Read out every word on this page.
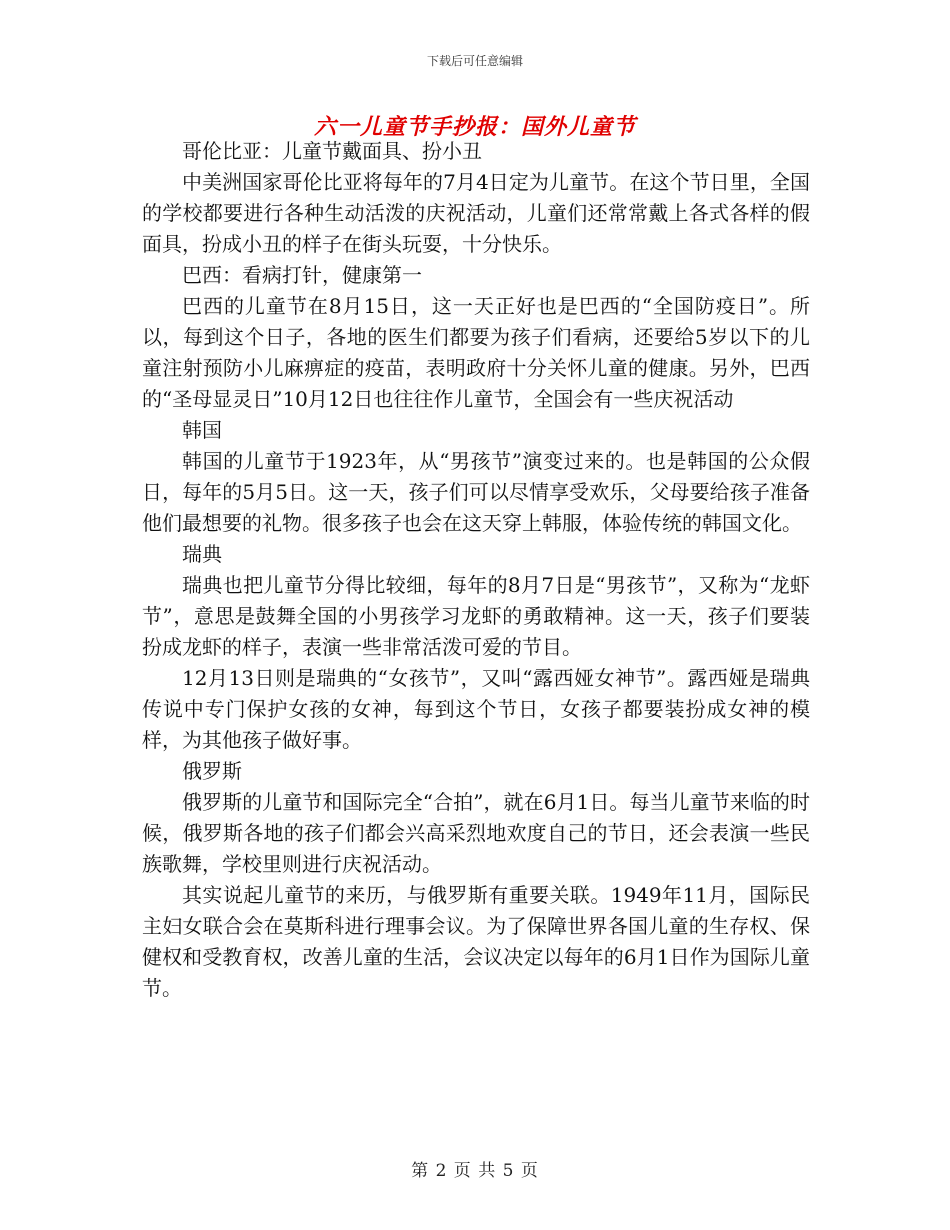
下载后可任意编辑
六一儿童节手抄报：国外儿童节

哥伦比亚：儿童节戴面具、扮小丑

中美洲国家哥伦比亚将每年的7月4日定为儿童节。在这个节日里，全国的学校都要进行各种生动活泼的庆祝活动，儿童们还常常戴上各式各样的假面具，扮成小丑的样子在街头玩耍，十分快乐。

巴西：看病打针，健康第一

巴西的儿童节在8月15日，这一天正好也是巴西的“全国防疫日”。所以，每到这个日子，各地的医生们都要为孩子们看病，还要给5岁以下的儿童注射预防小儿麻痹症的疫苗，表明政府十分关怀儿童的健康。另外，巴西的“圣母显灵日”10月12日也往往作儿童节，全国会有一些庆祝活动

韩国

韩国的儿童节于1923年，从“男孩节”演变过来的。也是韩国的公众假日，每年的5月5日。这一天，孩子们可以尽情享受欢乐，父母要给孩子准备他们最想要的礼物。很多孩子也会在这天穿上韩服，体验传统的韩国文化。

瑞典

瑞典也把儿童节分得比较细，每年的8月7日是“男孩节”，又称为“龙虾节”，意思是鼓舞全国的小男孩学习龙虾的勇敢精神。这一天，孩子们要装扮成龙虾的样子，表演一些非常活泼可爱的节目。

12月13日则是瑞典的“女孩节”，又叫“露西娅女神节”。露西娅是瑞典传说中专门保护女孩的女神，每到这个节日，女孩子都要装扮成女神的模样，为其他孩子做好事。

俄罗斯

俄罗斯的儿童节和国际完全“合拍”，就在6月1日。每当儿童节来临的时候，俄罗斯各地的孩子们都会兴高采烈地欢度自己的节日，还会表演一些民族歌舞，学校里则进行庆祝活动。

其实说起儿童节的来历，与俄罗斯有重要关联。1949年11月，国际民主妇女联合会在莫斯科进行理事会议。为了保障世界各国儿童的生存权、保健权和受教育权，改善儿童的生活，会议决定以每年的6月1日作为国际儿童节。

第 2 页 共 5 页
